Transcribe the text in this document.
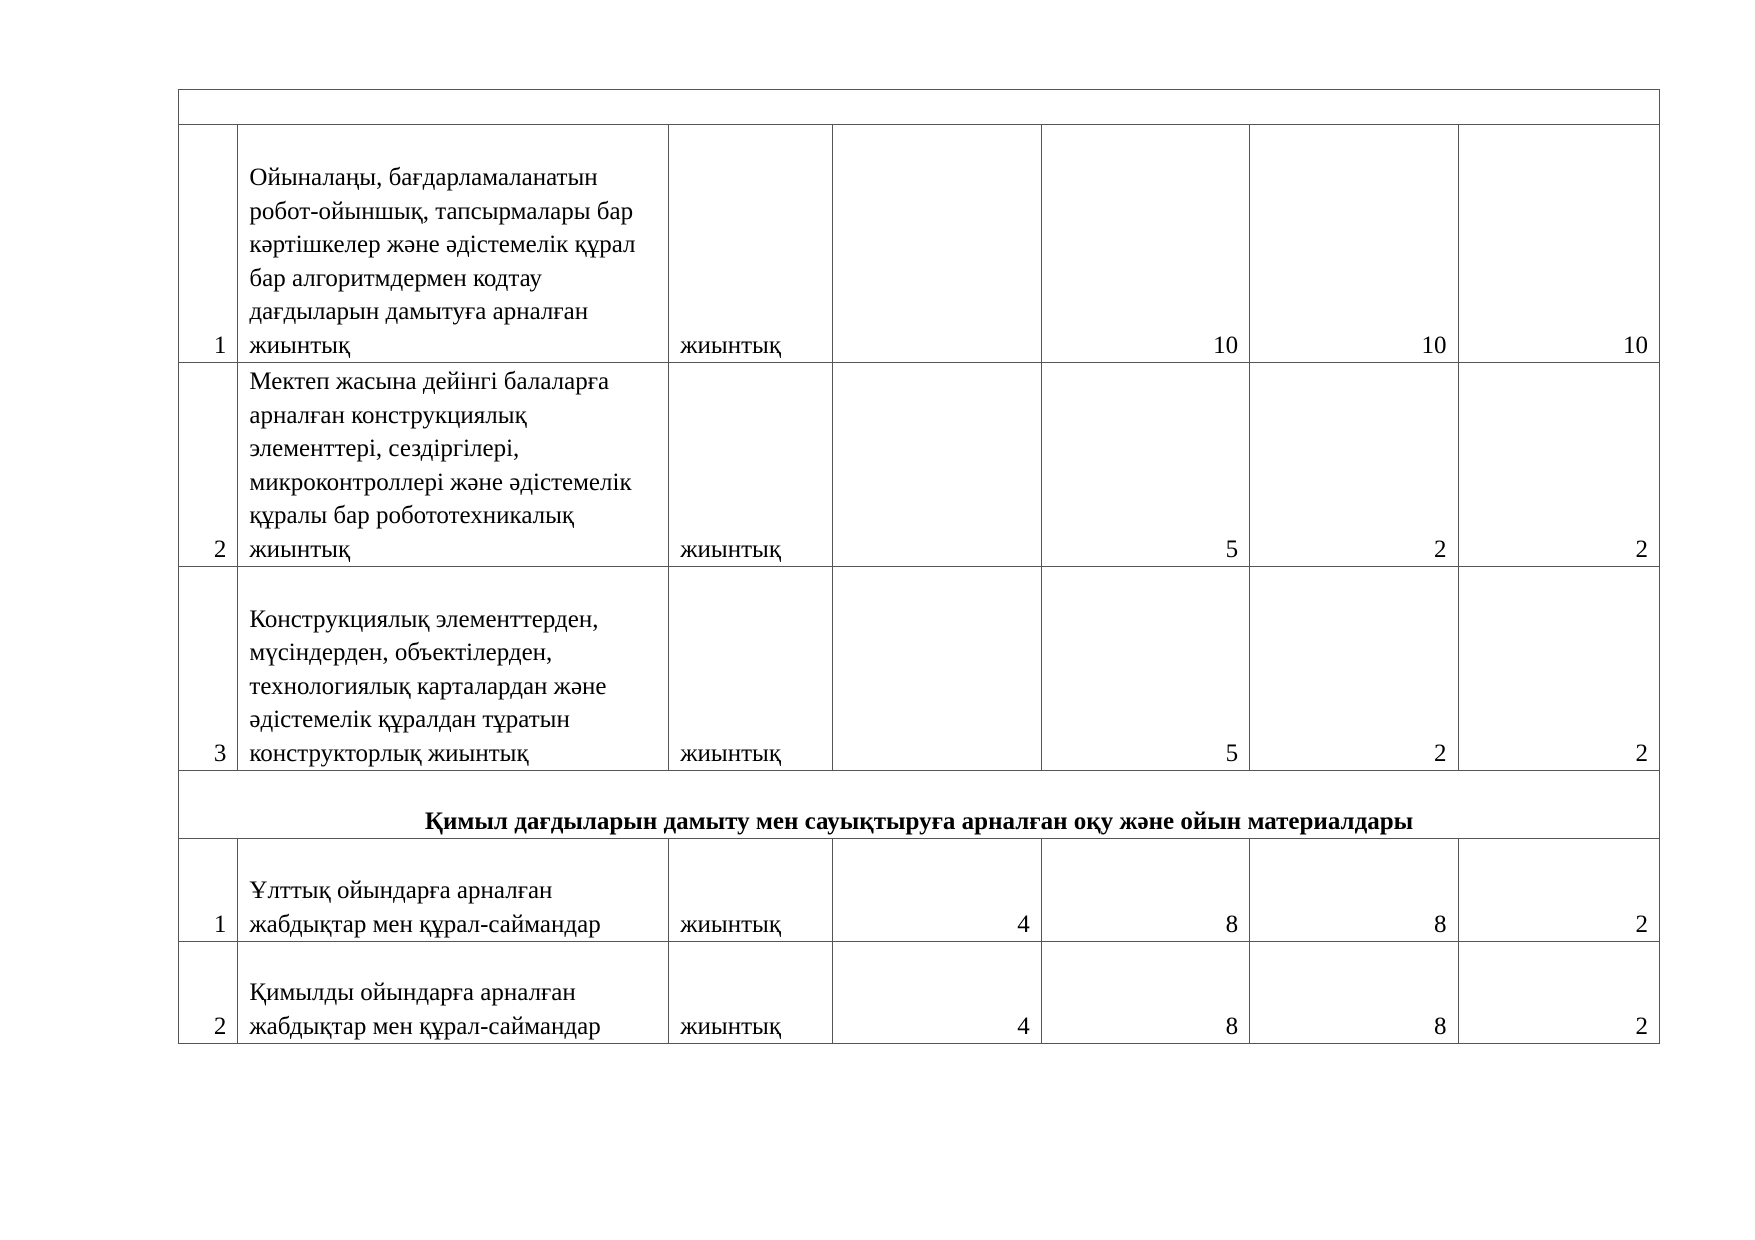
1	Ойыналаңы, бағдарламаланатын робот-ойыншық, тапсырмалары бар кәртішкелер және әдістемелік құрал бар алгоритмдермен кодтау дағдыларын дамытуға арналған жиынтық	жиынтық		10	10	10
2	Мектеп жасына дейінгі балаларға арналған конструкциялық элементтері, сездіргілері, микроконтроллері және әдістемелік құралы бар робототехникалық жиынтық	жиынтық		5	2	2
3	Конструкциялық элементтерден, мүсіндерден, объектілерден, технологиялық карталардан және әдістемелік құралдан тұратын конструкторлық жиынтық	жиынтық		5	2	2
Қимыл дағдыларын дамыту мен сауықтыруға арналған оқу және ойын материалдары						
1	Ұлттық ойындарға арналған жабдықтар мен құрал-саймандар	жиынтық	4	8	8	2
2	Қимылды ойындарға арналған жабдықтар мен құрал-саймандар	жиынтық	4	8	8	2
